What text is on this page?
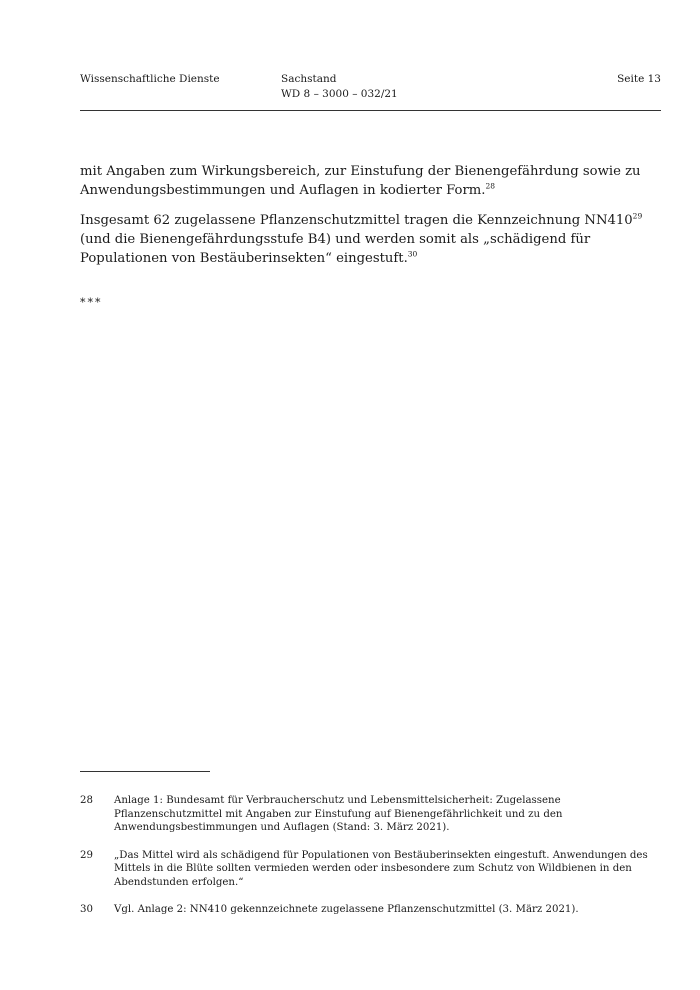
Wissenschaftliche Dienste	Sachstand
WD 8 – 3000 – 032/21
Seite 13

mit Angaben zum Wirkungsbereich, zur Einstufung der Bienengefährdung sowie zu Anwendungsbestimmungen und Auflagen in kodierter Form.$^{28}$

Insgesamt 62 zugelassene Pflanzenschutzmittel tragen die Kennzeichnung $NN410^{29}$ (und die Bienengefährdungsstufe B4) und werden somit als „schädigend für Populationen von Bestäuberinsekten“ eingestuft.$^{30}$

***
28 Anlage 1: Bundesamt für Verbraucherschutz und Lebensmittelsicherheit: Zugelassene Pflanzenschutzmittel mit Angaben zur Einstufung auf Bienengefährlichkeit und zu den Anwendungsbestimmungen und Auflagen (Stand: 3. März 2021).
29 „Das Mittel wird als schädigend für Populationen von Bestäuberinsekten eingestuft. Anwendungen des Mittels in die Blüte sollten vermieden werden oder insbesondere zum Schutz von Wildbienen in den Abendstunden erfolgen.“
30 Vgl. Anlage 2: NN410 gekennzeichnete zugelassene Pflanzenschutzmittel (3. März 2021).
